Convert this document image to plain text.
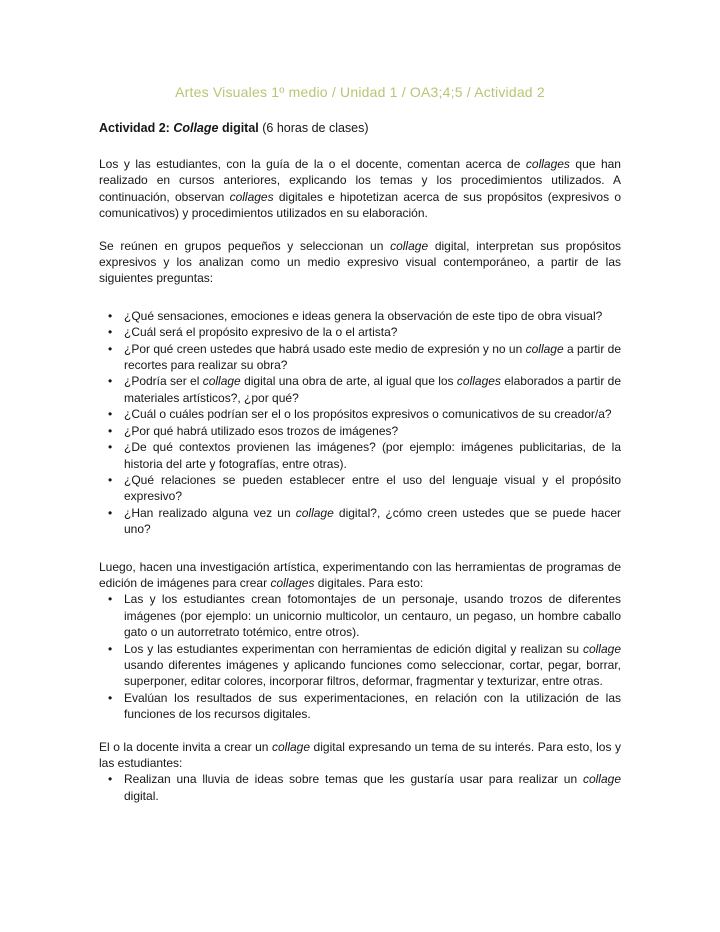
Artes Visuales 1º medio / Unidad 1 / OA3;4;5 / Actividad 2
Actividad 2: Collage digital (6 horas de clases)

Los y las estudiantes, con la guía de la o el docente, comentan acerca de collages que han realizado en cursos anteriores, explicando los temas y los procedimientos utilizados. A continuación, observan collages digitales e hipotetizan acerca de sus propósitos (expresivos o comunicativos) y procedimientos utilizados en su elaboración.

Se reúnen en grupos pequeños y seleccionan un collage digital, interpretan sus propósitos expresivos y los analizan como un medio expresivo visual contemporáneo, a partir de las siguientes preguntas:

• ¿Qué sensaciones, emociones e ideas genera la observación de este tipo de obra visual?
• ¿Cuál será el propósito expresivo de la o el artista?
• ¿Por qué creen ustedes que habrá usado este medio de expresión y no un collage a partir de recortes para realizar su obra?
• ¿Podría ser el collage digital una obra de arte, al igual que los collages elaborados a partir de materiales artísticos?, ¿por qué?
• ¿Cuál o cuáles podrían ser el o los propósitos expresivos o comunicativos de su creador/a?
• ¿Por qué habrá utilizado esos trozos de imágenes?
• ¿De qué contextos provienen las imágenes? (por ejemplo: imágenes publicitarias, de la historia del arte y fotografías, entre otras).
• ¿Qué relaciones se pueden establecer entre el uso del lenguaje visual y el propósito expresivo?
• ¿Han realizado alguna vez un collage digital?, ¿cómo creen ustedes que se puede hacer uno?

Luego, hacen una investigación artística, experimentando con las herramientas de programas de edición de imágenes para crear collages digitales. Para esto:

• Las y los estudiantes crean fotomontajes de un personaje, usando trozos de diferentes imágenes (por ejemplo: un unicornio multicolor, un centauro, un pegaso, un hombre caballo gato o un autorretrato totémico, entre otros).
• Los y las estudiantes experimentan con herramientas de edición digital y realizan su collage usando diferentes imágenes y aplicando funciones como seleccionar, cortar, pegar, borrar, superponer, editar colores, incorporar filtros, deformar, fragmentar y texturizar, entre otras.
• Evalúan los resultados de sus experimentaciones, en relación con la utilización de las funciones de los recursos digitales.

El o la docente invita a crear un collage digital expresando un tema de su interés. Para esto, los y las estudiantes:

• Realizan una lluvia de ideas sobre temas que les gustaría usar para realizar un collage digital.
